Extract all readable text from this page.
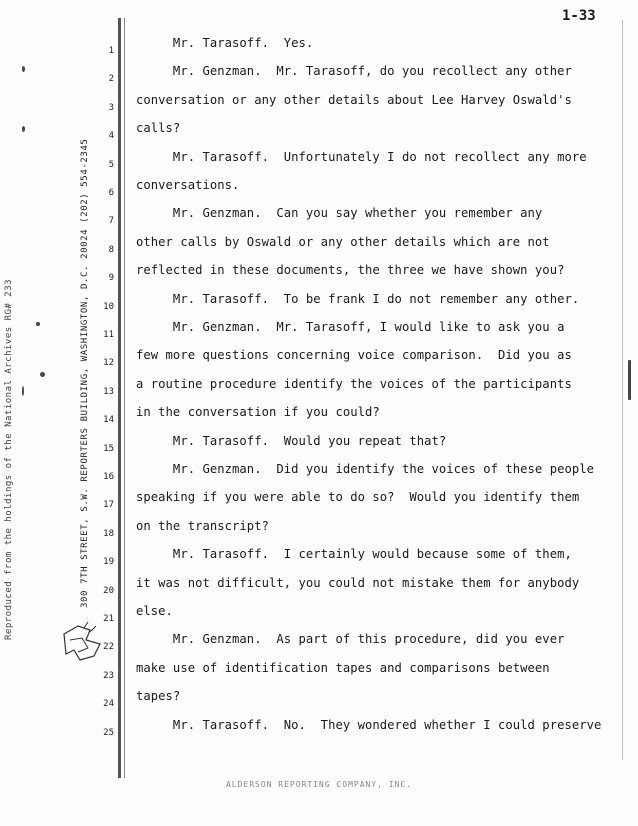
1-33
300 7TH STREET, S.W. REPORTERS BUILDING, WASHINGTON, D.C. 20024 (202) 554-2345
Reproduced from the holdings of the National Archives RG# 233
1
2
3
4
5
6
7
8
9
10
11
12
13
14
15
16
17
18
19
20
21
22
23
24
25
Mr. Tarasoff.  Yes.
Mr. Genzman.  Mr. Tarasoff, do you recollect any other
conversation or any other details about Lee Harvey Oswald's
calls?
Mr. Tarasoff.  Unfortunately I do not recollect any more
conversations.
Mr. Genzman.  Can you say whether you remember any
other calls by Oswald or any other details which are not
reflected in these documents, the three we have shown you?
Mr. Tarasoff.  To be frank I do not remember any other.
Mr. Genzman.  Mr. Tarasoff, I would like to ask you a
few more questions concerning voice comparison.  Did you as
a routine procedure identify the voices of the participants
in the conversation if you could?
Mr. Tarasoff.  Would you repeat that?
Mr. Genzman.  Did you identify the voices of these people
speaking if you were able to do so?  Would you identify them
on the transcript?
Mr. Tarasoff.  I certainly would because some of them,
it was not difficult, you could not mistake them for anybody
else.
Mr. Genzman.  As part of this procedure, did you ever
make use of identification tapes and comparisons between
tapes?
Mr. Tarasoff.  No.  They wondered whether I could preserve
ALDERSON REPORTING COMPANY, INC.
